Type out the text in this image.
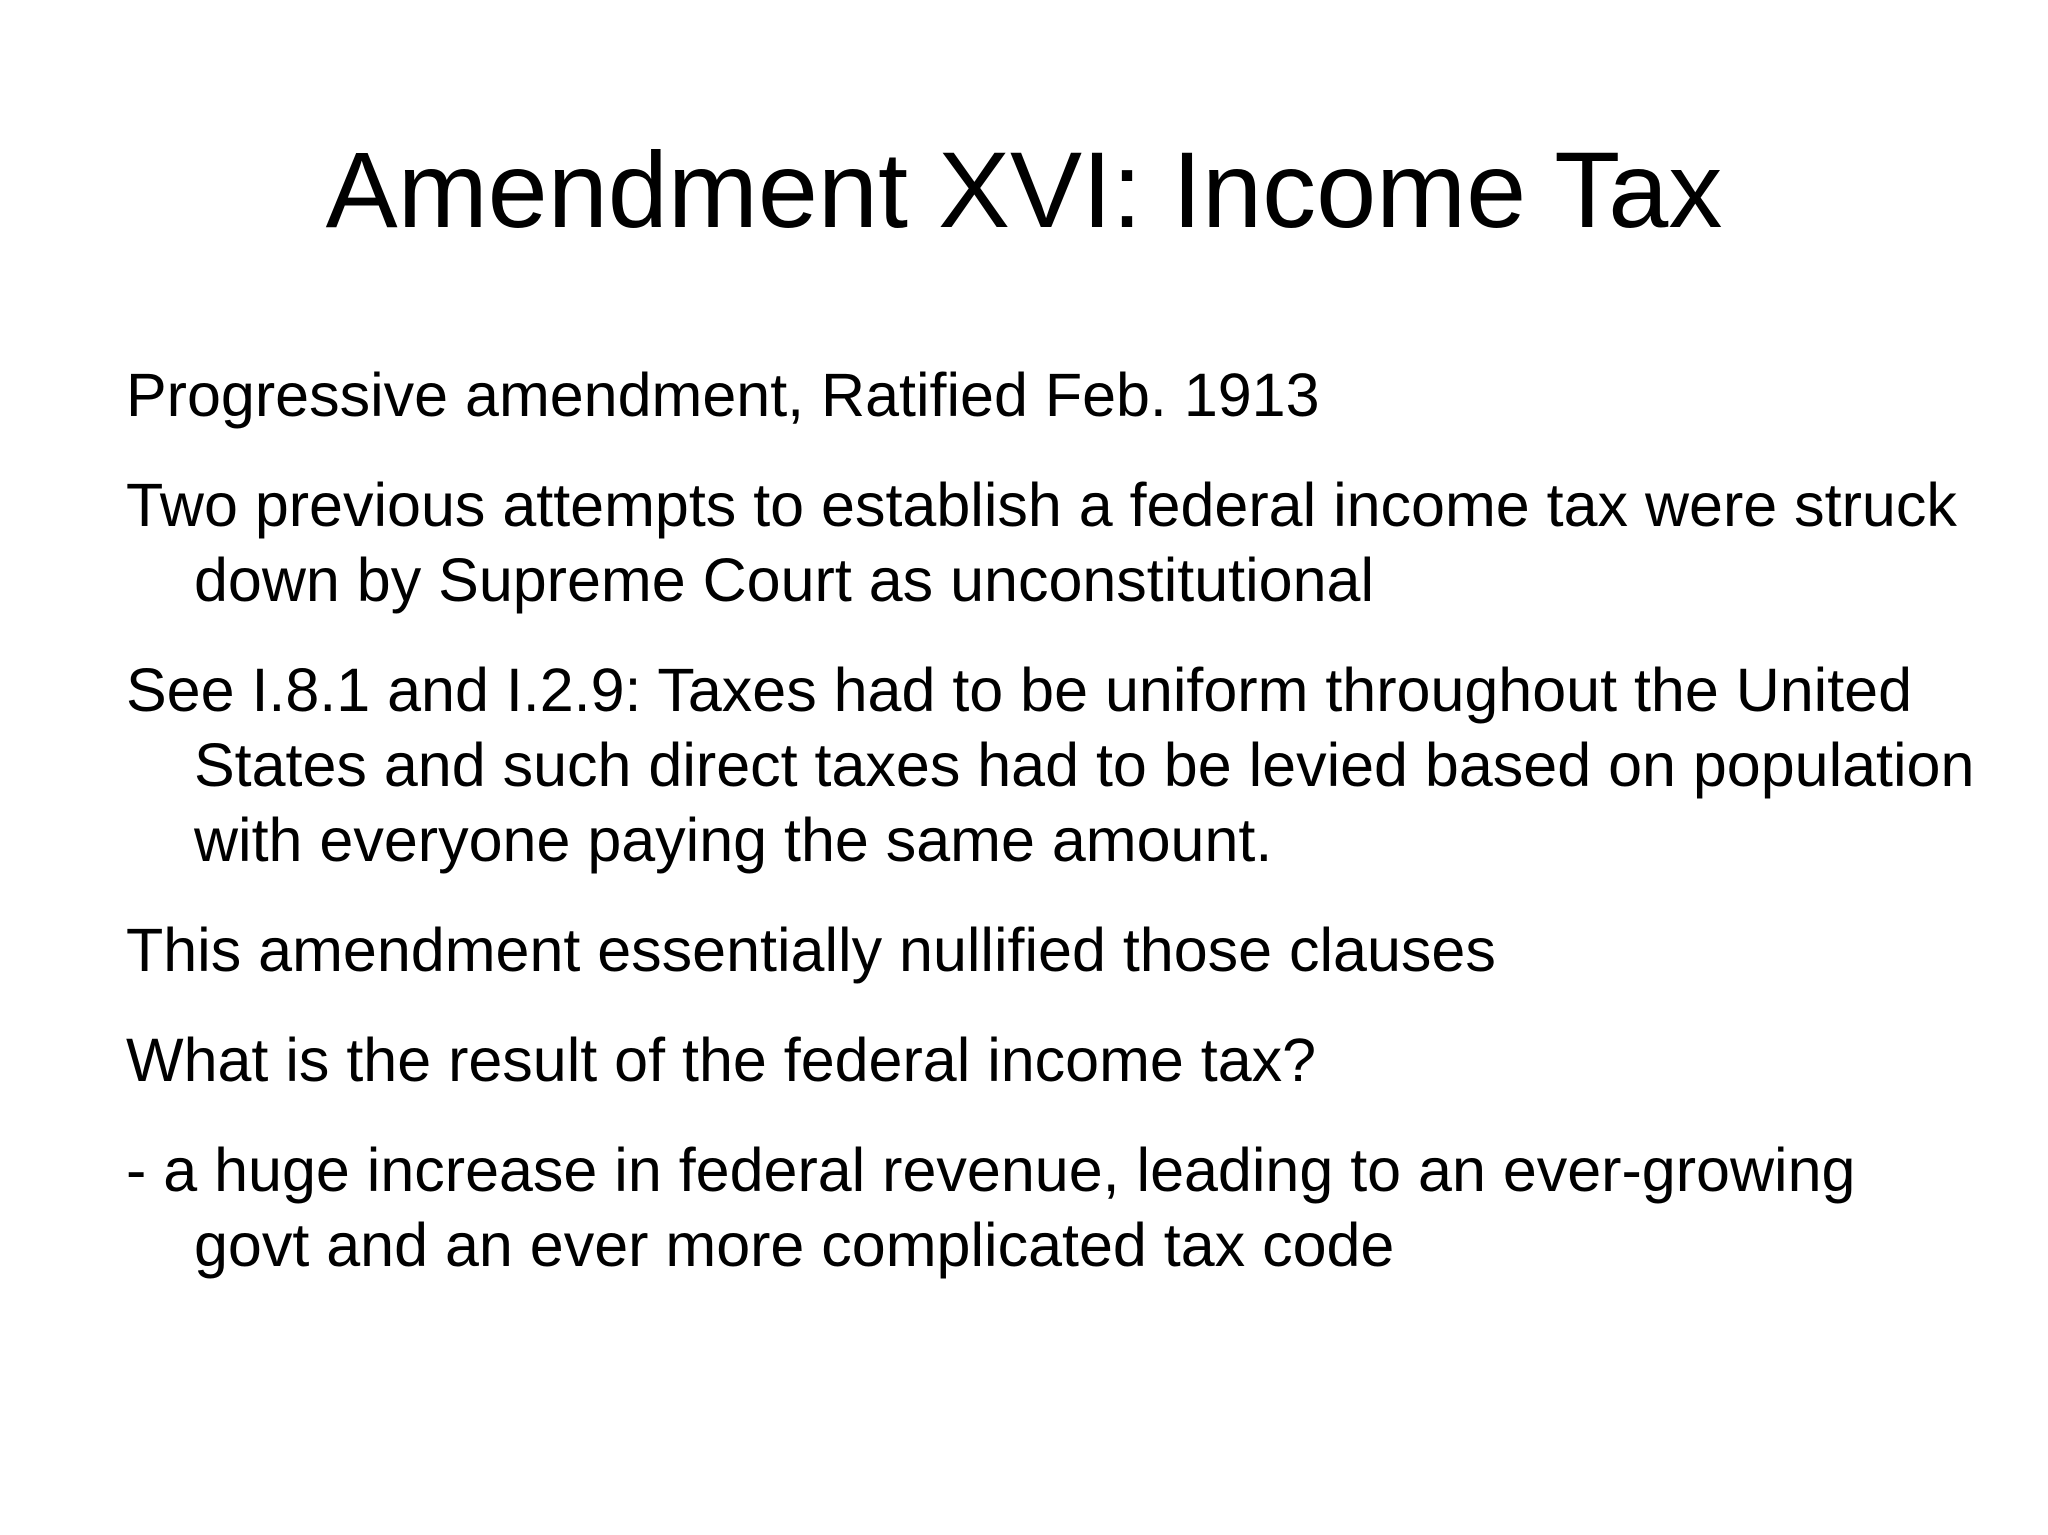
Amendment XVI: Income Tax
Progressive amendment, Ratified Feb. 1913
Two previous attempts to establish a federal income tax were struck down by Supreme Court as unconstitutional
See I.8.1 and I.2.9: Taxes had to be uniform throughout the United States and such direct taxes had to be levied based on population with everyone paying the same amount.
This amendment essentially nullified those clauses
What is the result of the federal income tax?
- a huge increase in federal revenue, leading to an ever-growing govt and an ever more complicated tax code
